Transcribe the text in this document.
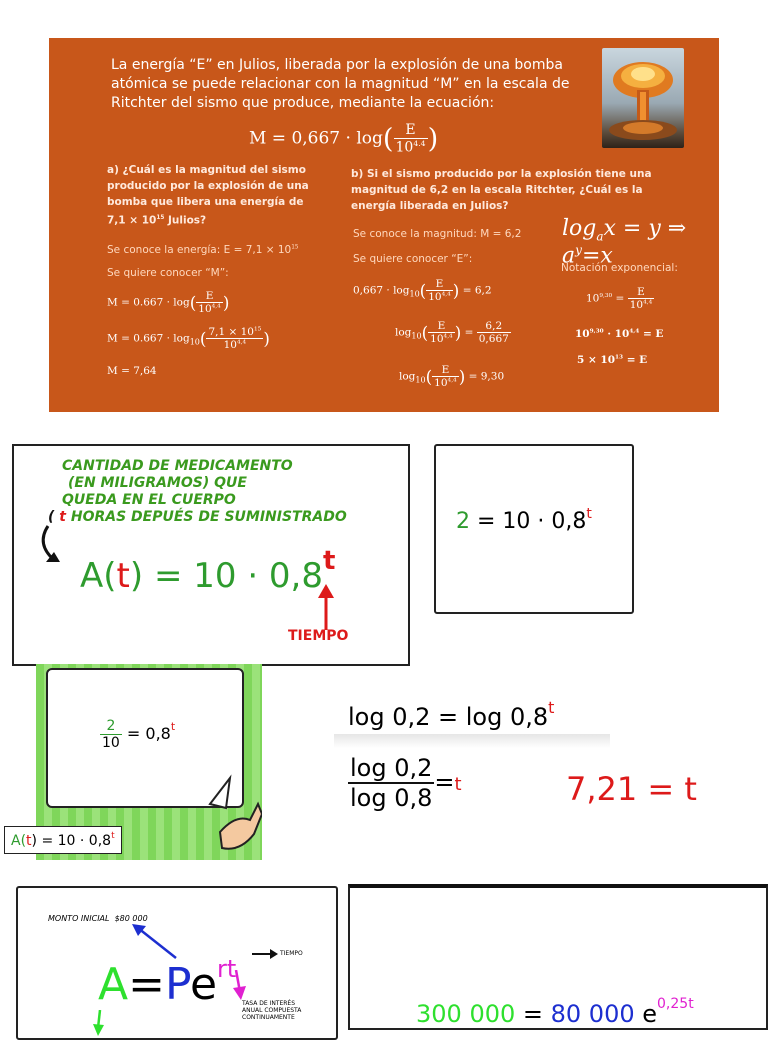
La energía “E” en Julios, liberada por la explosión de una bomba
atómica se puede relacionar con la magnitud “M” en la escala de
Ritchter del sismo que produce, mediante la ecuación:
$M = 0,667 \cdot \log( \frac{E}{10^{4.4}}$ )
a) ¿Cuál es la magnitud del sismo
producido por la explosión de una
bomba que libera una energía de
$7,1 \times 10^{15}$ Julios?
Se conoce la energía: $E = 7,1 \times 10^{15}$
Se quiere conocer “M”:
$M = 0.667 \cdot \log( \frac{E}{10^{4,4}}$ )
$M = 0.667 \cdot \log_{10}( \frac{7,1 \times 10^{15}}{10^{4,4}}$ )
M = 7,64
b) Si el sismo producido por la explosión tiene una
magnitud de 6,2 en la escala Ritchter, ¿Cuál es la
energía liberada en Julios?
Se conoce la magnitud: M = 6,2
Se quiere conocer “E”:
$0,667 \cdot \log_{10}( \frac{E}{10^{4,4}}$ ) = 6,2
$\log_{10}( \frac{E}{10^{4,4}}$ ) = $\frac{6,2}{0,667}$
$\log_{10}( \frac{E}{10^{4,4}}$ ) = 9,30
$\log_ax = y$ ⇒ $a^y=x$
Notación exponencial:
$10^{9,30} = \frac{E}{10^{4,4}}$
$10^{9,30} \cdot 10^{4,4} = E$
$5 \times 10^{13} = E$
CANTIDAD DE MEDICAMENTO
(EN MILIGRAMOS) QUE
QUEDA EN EL CUERPO
( t HORAS DEPUÉS DE SUMINISTRADO
$A(t) = 10 \cdot 0,8^t$
TIEMPO
$2 = 10 \cdot 0,8^t$
$\frac{2}{10} = 0,8^t$
$A(t) = 10 \cdot 0,8^t$
log 0,2 = log 0,8$^t$
$\frac{\log 0,2}{\log 0,8} =t$	7,21 = t
MONTO INICIAL $80 000
$A=Pe^{rt}$
TIEMPO
TASA DE INTERÉS
ANUAL COMPUESTA
CONTINUAMENTE	300 000 = 80 000 $e^{0,25t}$
